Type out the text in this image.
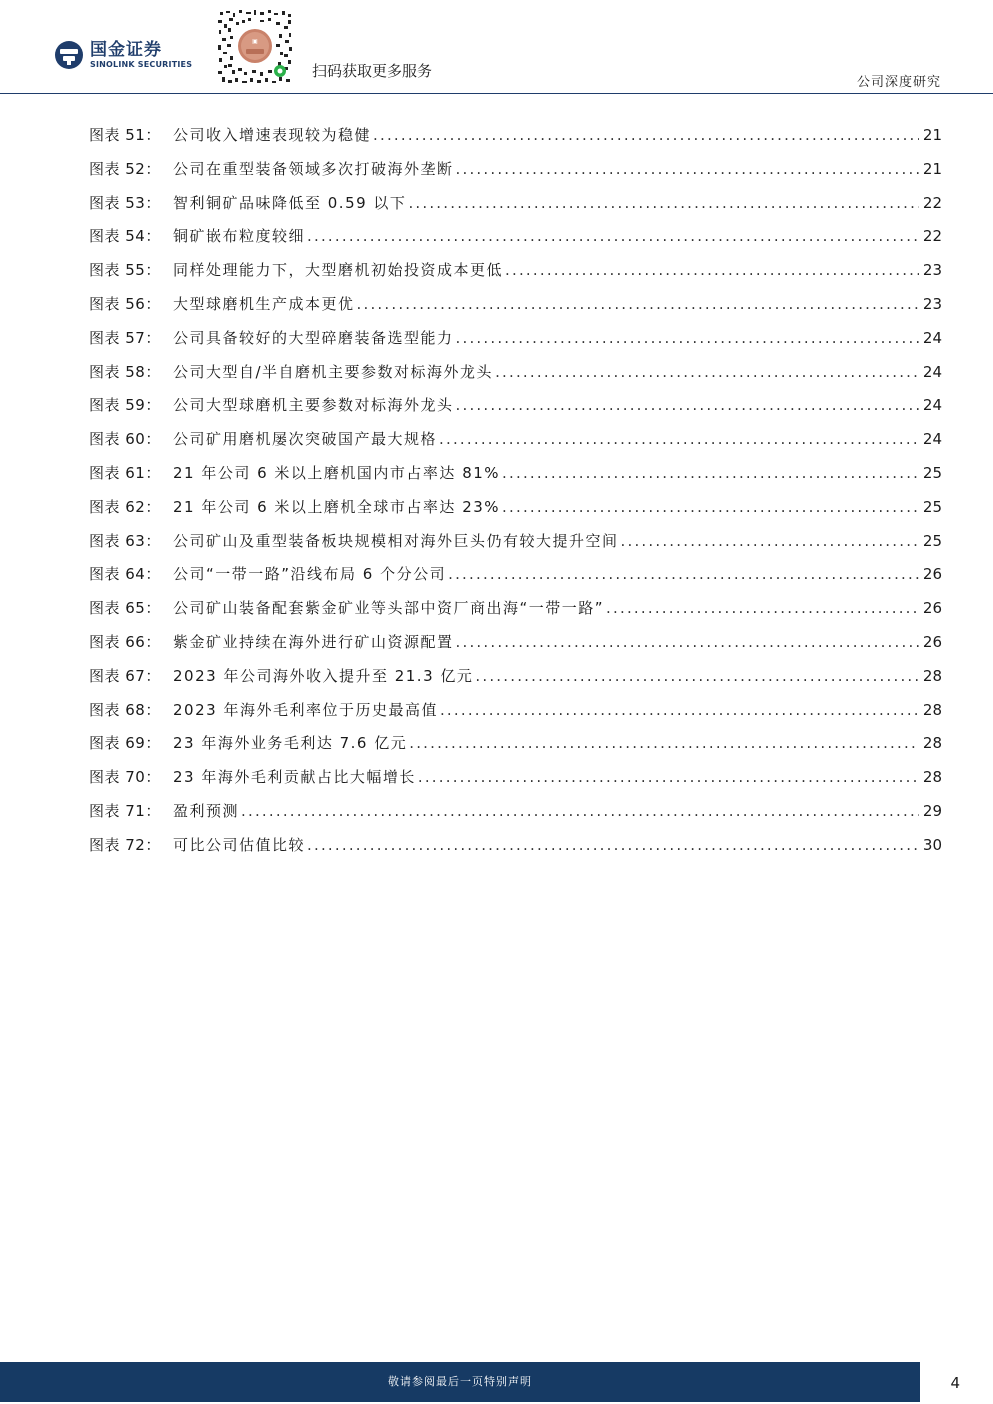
国金证券
SINOLINK SECURITIES
▣
扫码获取更多服务
公司深度研究
图表 51： 公司收入增速表现较为稳健 .....	21
图表 52： 公司在重型装备领域多次打破海外垄断 .....	21
图表 53： 智利铜矿品味降低至 0.59 以下 .....	22
图表 54： 铜矿嵌布粒度较细 .....	22
图表 55： 同样处理能力下，大型磨机初始投资成本更低 .....	23
图表 56： 大型球磨机生产成本更优 .....	23
图表 57： 公司具备较好的大型碎磨装备选型能力 .....	24
图表 58： 公司大型自/半自磨机主要参数对标海外龙头 .....	24
图表 59： 公司大型球磨机主要参数对标海外龙头 .....	24
图表 60： 公司矿用磨机屡次突破国产最大规格 .....	24
图表 61： 21 年公司 6 米以上磨机国内市占率达 81% .....	25
图表 62： 21 年公司 6 米以上磨机全球市占率达 23% .....	25
图表 63： 公司矿山及重型装备板块规模相对海外巨头仍有较大提升空间 .....	25
图表 64： 公司“一带一路”沿线布局 6 个分公司 .....	26
图表 65： 公司矿山装备配套紫金矿业等头部中资厂商出海“一带一路” .....	26
图表 66： 紫金矿业持续在海外进行矿山资源配置 .....	26
图表 67： 2023 年公司海外收入提升至 21.3 亿元 .....	28
图表 68： 2023 年海外毛利率位于历史最高值 .....	28
图表 69： 23 年海外业务毛利达 7.6 亿元 .....	28
图表 70： 23 年海外毛利贡献占比大幅增长 .....	28
图表 71： 盈利预测 .....	29
图表 72： 可比公司估值比较 .....	30
敬请参阅最后一页特别声明	4
